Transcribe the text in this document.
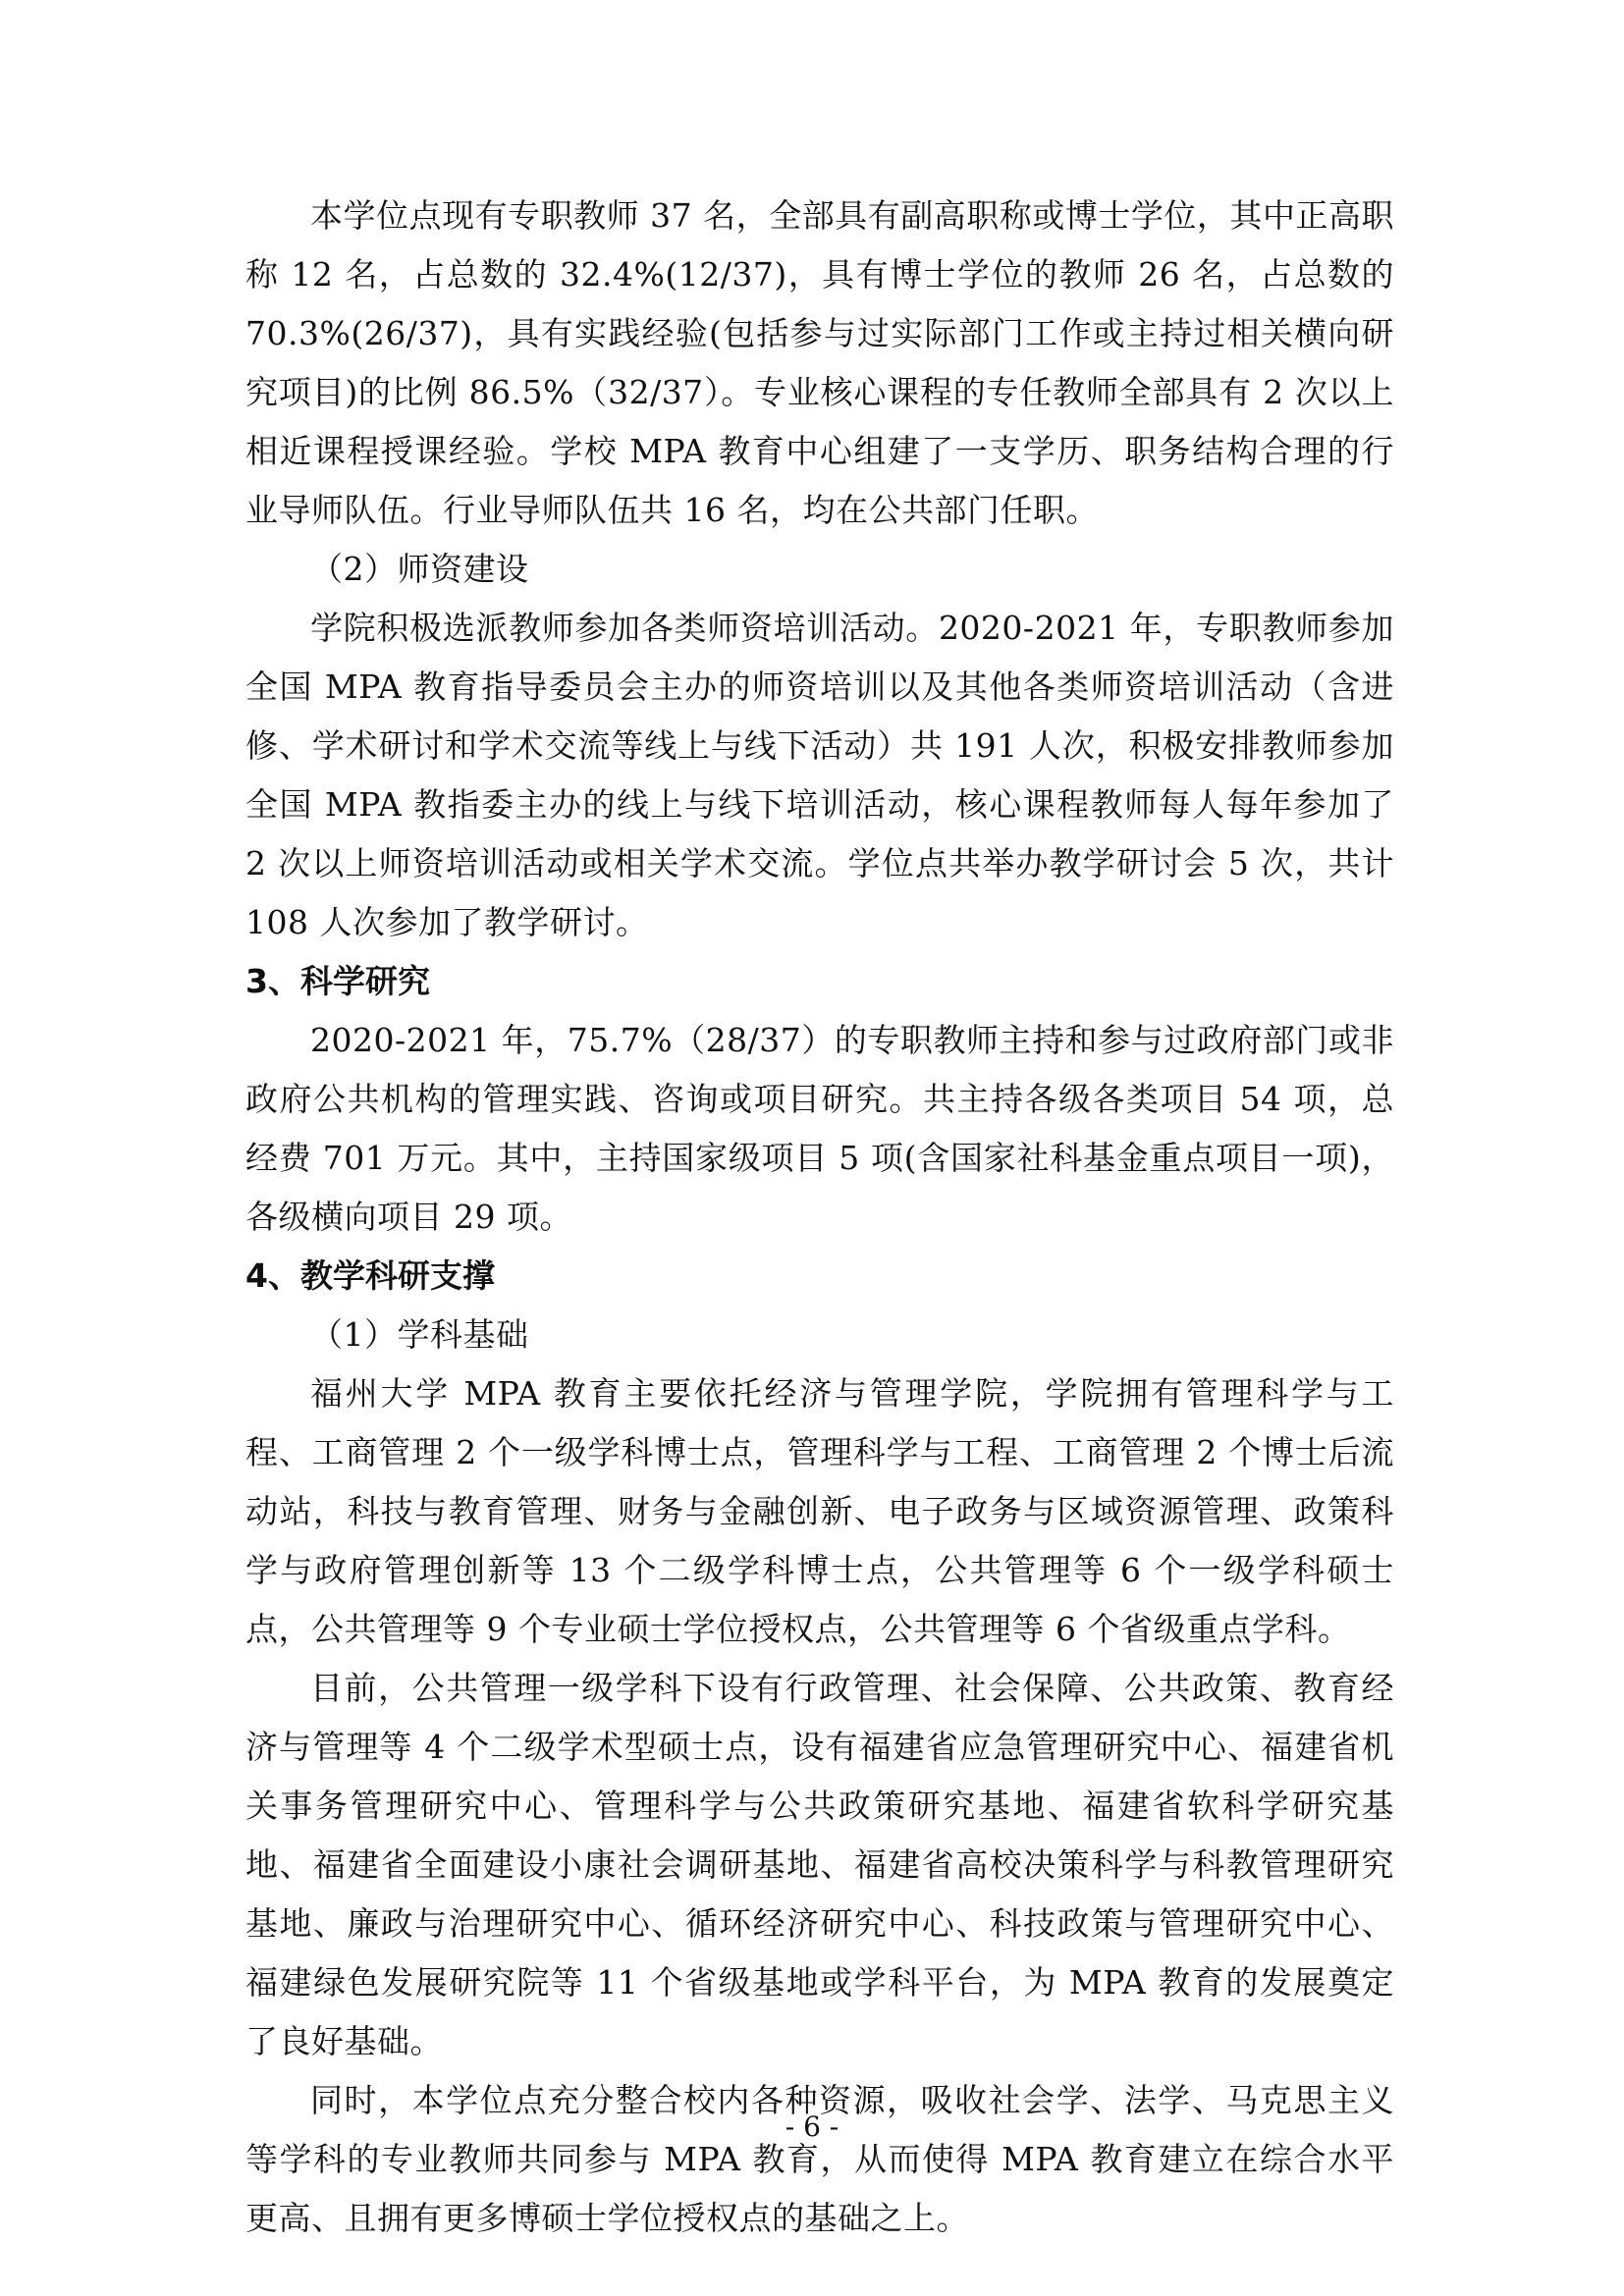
本学位点现有专职教师 37 名，全部具有副高职称或博士学位，其中正高职称 12 名，占总数的 32.4%(12/37)，具有博士学位的教师 26 名，占总数的 70.3%(26/37)，具有实践经验(包括参与过实际部门工作或主持过相关横向研究项目)的比例 86.5%（32/37）。专业核心课程的专任教师全部具有 2 次以上相近课程授课经验。学校 MPA 教育中心组建了一支学历、职务结构合理的行业导师队伍。行业导师队伍共 16 名，均在公共部门任职。

（2）师资建设

学院积极选派教师参加各类师资培训活动。2020-2021 年，专职教师参加全国 MPA 教育指导委员会主办的师资培训以及其他各类师资培训活动（含进修、学术研讨和学术交流等线上与线下活动）共 191 人次，积极安排教师参加全国 MPA 教指委主办的线上与线下培训活动，核心课程教师每人每年参加了 2 次以上师资培训活动或相关学术交流。学位点共举办教学研讨会 5 次，共计 108 人次参加了教学研讨。

3、科学研究

2020-2021 年，75.7%（28/37）的专职教师主持和参与过政府部门或非政府公共机构的管理实践、咨询或项目研究。共主持各级各类项目 54 项，总经费 701 万元。其中，主持国家级项目 5 项(含国家社科基金重点项目一项)，各级横向项目 29 项。

4、教学科研支撑

（1）学科基础

福州大学 MPA 教育主要依托经济与管理学院，学院拥有管理科学与工程、工商管理 2 个一级学科博士点，管理科学与工程、工商管理 2 个博士后流动站，科技与教育管理、财务与金融创新、电子政务与区域资源管理、政策科学与政府管理创新等 13 个二级学科博士点，公共管理等 6 个一级学科硕士点，公共管理等 9 个专业硕士学位授权点，公共管理等 6 个省级重点学科。

目前，公共管理一级学科下设有行政管理、社会保障、公共政策、教育经济与管理等 4 个二级学术型硕士点，设有福建省应急管理研究中心、福建省机关事务管理研究中心、管理科学与公共政策研究基地、福建省软科学研究基地、福建省全面建设小康社会调研基地、福建省高校决策科学与科教管理研究基地、廉政与治理研究中心、循环经济研究中心、科技政策与管理研究中心、福建绿色发展研究院等 11 个省级基地或学科平台，为 MPA 教育的发展奠定了良好基础。

同时，本学位点充分整合校内各种资源，吸收社会学、法学、马克思主义等学科的专业教师共同参与 MPA 教育，从而使得 MPA 教育建立在综合水平更高、且拥有更多博硕士学位授权点的基础之上。

- 6 -
